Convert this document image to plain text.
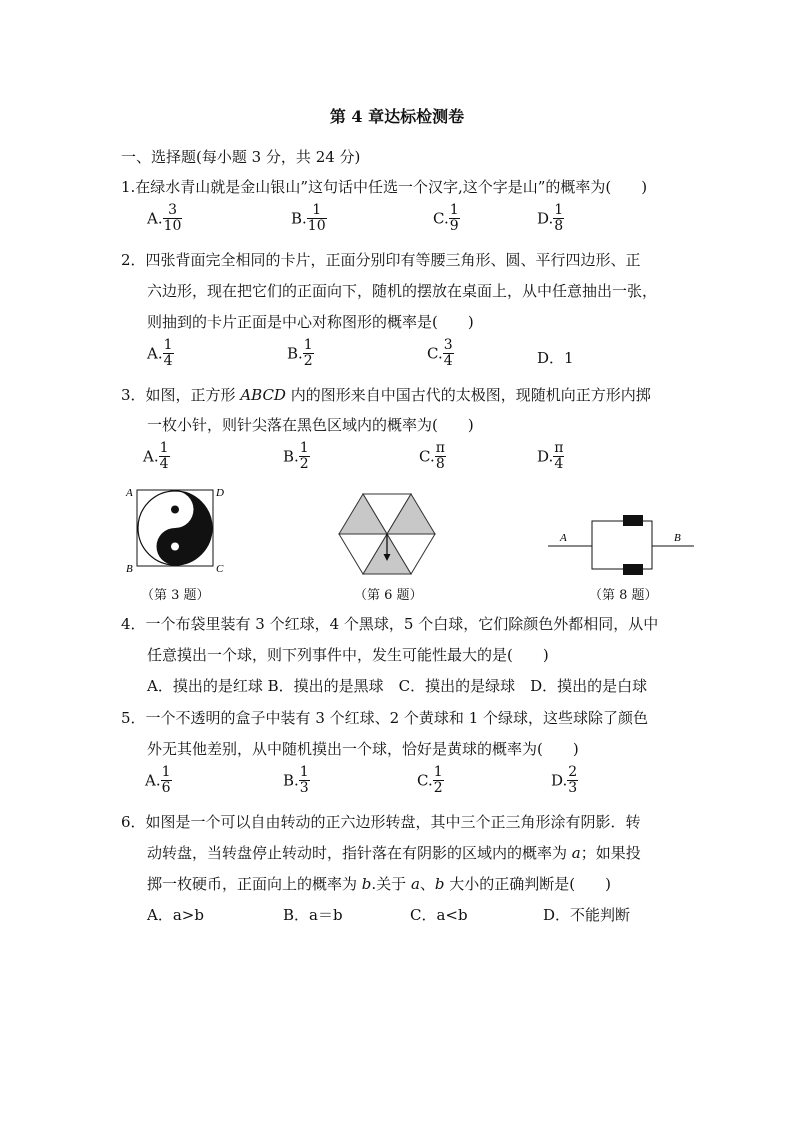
第 4 章达标检测卷
一、选择题(每小题 3 分，共 24 分)
1.在绿水青山就是金山银山”这句话中任选一个汉字,这个字是山”的概率为(　　)
A. $\frac{3}{10}$	B. $\frac{1}{10}$	C. $\frac{1}{9}$	D. $\frac{1}{8}$
2．四张背面完全相同的卡片，正面分别印有等腰三角形、圆、平行四边形、正
六边形，现在把它们的正面向下，随机的摆放在桌面上，从中任意抽出一张，
则抽到的卡片正面是中心对称图形的概率是(　　)
A. $\frac{1}{4}$	B. $\frac{1}{2}$	C. $\frac{3}{4}$	D．1
3．如图，正方形 ABCD 内的图形来自中国古代的太极图，现随机向正方形内掷
一枚小针，则针尖落在黑色区域内的概率为(　　)
A. $\frac{1}{4}$	B. $\frac{1}{2}$	C. $\frac{\pi}{8}$	D. $\frac{\pi}{4}$
A	D
B	C
（第 3 题）	（第 6 题）
A	B
（第 8 题）
4．一个布袋里装有 3 个红球，4 个黑球，5 个白球，它们除颜色外都相同，从中
任意摸出一个球，则下列事件中，发生可能性最大的是(　　)
A．摸出的是红球 B．摸出的是黑球　C．摸出的是绿球　D．摸出的是白球
5．一个不透明的盒子中装有 3 个红球、2 个黄球和 1 个绿球，这些球除了颜色
外无其他差别，从中随机摸出一个球，恰好是黄球的概率为(　　)
A. $\frac{1}{6}$	B. $\frac{1}{3}$	C. $\frac{1}{2}$	D. $\frac{2}{3}$
6．如图是一个可以自由转动的正六边形转盘，其中三个正三角形涂有阴影．转
动转盘，当转盘停止转动时，指针落在有阴影的区域内的概率为 a；如果投
掷一枚硬币，正面向上的概率为 b.关于 a、b 大小的正确判断是(　　)
A．a>b	B．a＝b	C．a<b	D．不能判断
